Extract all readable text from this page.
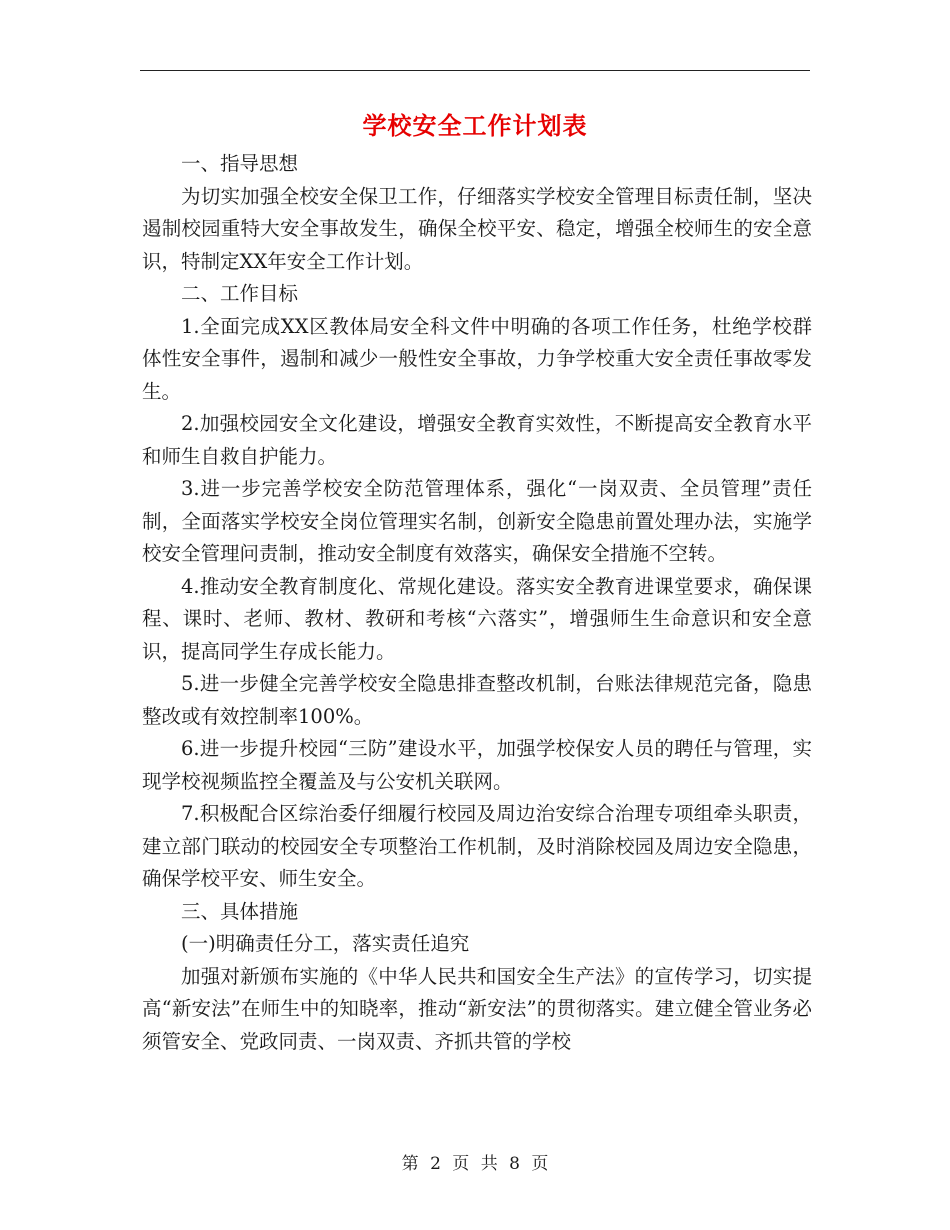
学校安全工作计划表

一、指导思想

为切实加强全校安全保卫工作，仔细落实学校安全管理目标责任制，坚决遏制校园重特大安全事故发生，确保全校平安、稳定，增强全校师生的安全意识，特制定XX年安全工作计划。

二、工作目标

1.全面完成XX区教体局安全科文件中明确的各项工作任务，杜绝学校群体性安全事件，遏制和减少一般性安全事故，力争学校重大安全责任事故零发生。

2.加强校园安全文化建设，增强安全教育实效性，不断提高安全教育水平和师生自救自护能力。

3.进一步完善学校安全防范管理体系，强化“一岗双责、全员管理”责任制，全面落实学校安全岗位管理实名制，创新安全隐患前置处理办法，实施学校安全管理问责制，推动安全制度有效落实，确保安全措施不空转。

4.推动安全教育制度化、常规化建设。落实安全教育进课堂要求，确保课程、课时、老师、教材、教研和考核“六落实”，增强师生生命意识和安全意识，提高同学生存成长能力。

5.进一步健全完善学校安全隐患排查整改机制，台账法律规范完备，隐患整改或有效控制率100%。

6.进一步提升校园“三防”建设水平，加强学校保安人员的聘任与管理，实现学校视频监控全覆盖及与公安机关联网。

7.积极配合区综治委仔细履行校园及周边治安综合治理专项组牵头职责，建立部门联动的校园安全专项整治工作机制，及时消除校园及周边安全隐患，确保学校平安、师生安全。

三、具体措施

(一)明确责任分工，落实责任追究

加强对新颁布实施的《中华人民共和国安全生产法》的宣传学习，切实提高“新安法”在师生中的知晓率，推动“新安法”的贯彻落实。建立健全管业务必须管安全、党政同责、一岗双责、齐抓共管的学校

第 2 页 共 8 页
